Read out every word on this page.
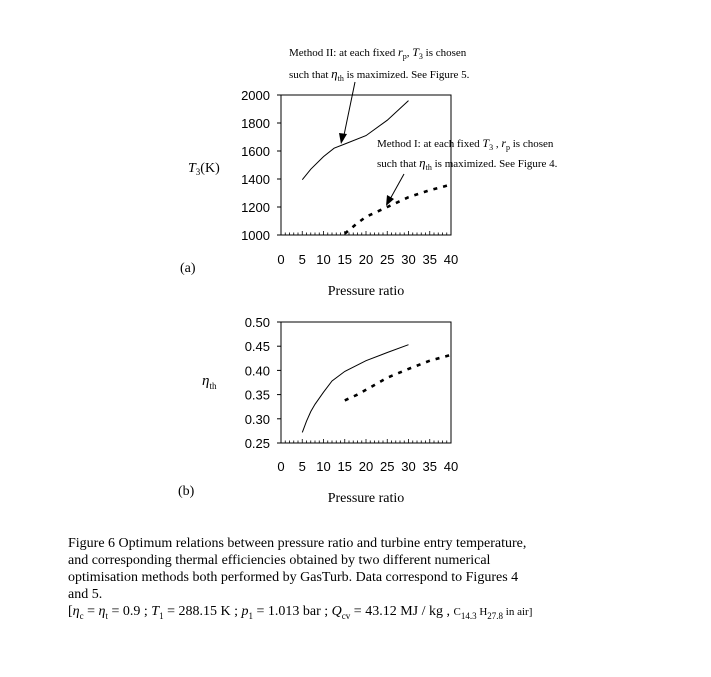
1000
1200
1400
1600
1800
2000
0 5 10 15 20 25 30 35 40
Pressure ratio
$T_3(K)$
(a)
Method II: at each fixed $r_p$, $T_3$ is chosen
such that $\eta_{th}$ is maximized. See Figure 5.
Method I: at each fixed $T_3$ , $r_p$ is chosen
such that $\eta_{th}$ is maximized. See Figure 4.
0.25
0.30
0.35
0.40
0.45
0.50
0 5 10 15 20 25 30 35 40
Pressure ratio
$\eta_{th}$
(b)

Figure 6 Optimum relations between pressure ratio and turbine entry temperature,

and corresponding thermal efficiencies obtained by two different numerical

optimisation methods both performed by GasTurb. Data correspond to Figures 4

and 5.

[$\eta_c = \eta_t = 0.9$ ; $T_1 = 288.15$ K ; $p_1 = 1.013$ bar ; $Q_{cv} = 43.12$ MJ / kg , $C_{14.3}$ $H_{27.8}$ in air]
